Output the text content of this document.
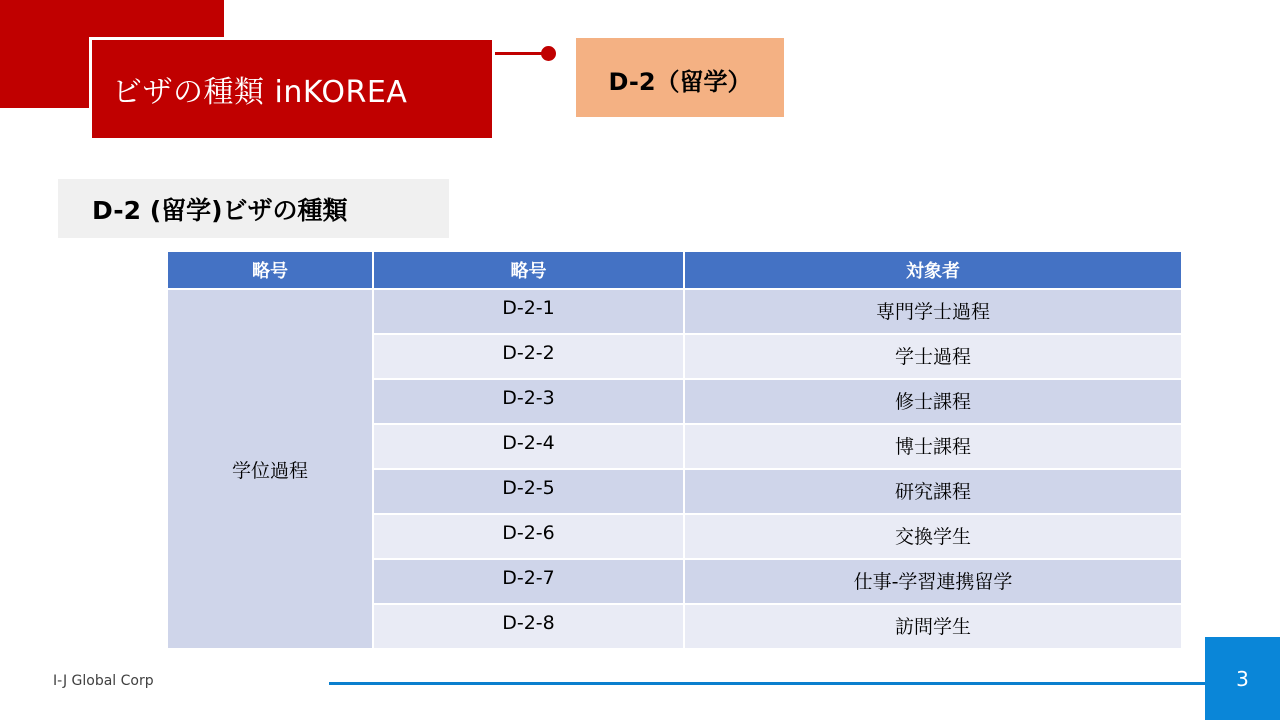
ビザの種類 inKOREA	D-2（留学）
D-2 (留学)ビザの種類
略号	略号	対象者
学位過程	D-2-1	専門学士過程
	D-2-2	学士過程
	D-2-3	修士課程
	D-2-4	博士課程
	D-2-5	研究課程
	D-2-6	交換学生
	D-2-7	仕事-学習連携留学
	D-2-8	訪問学生
I-J Global Corp	3
